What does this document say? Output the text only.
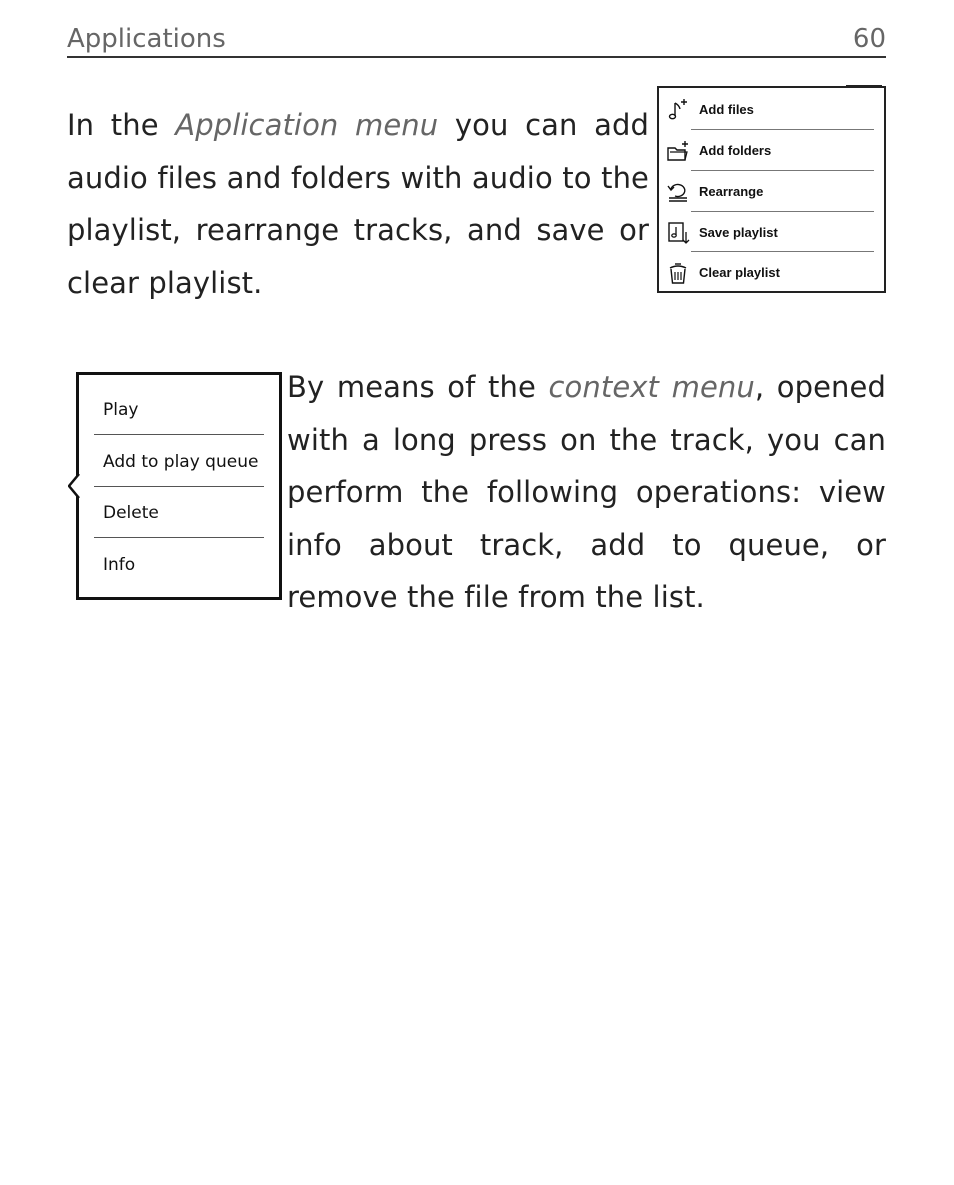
Applications	60

In the Application menu you can add audio files and folders with audio to the playlist, rearrange tracks, and save or clear playlist.

Add files
Add folders
Rearrange
Save playlist
Clear playlist
Play
Add to play queue
Delete
Info

By means of the context menu, opened with a long press on the track, you can perform the following operations: view info about track, add to queue, or remove the file from the list.
